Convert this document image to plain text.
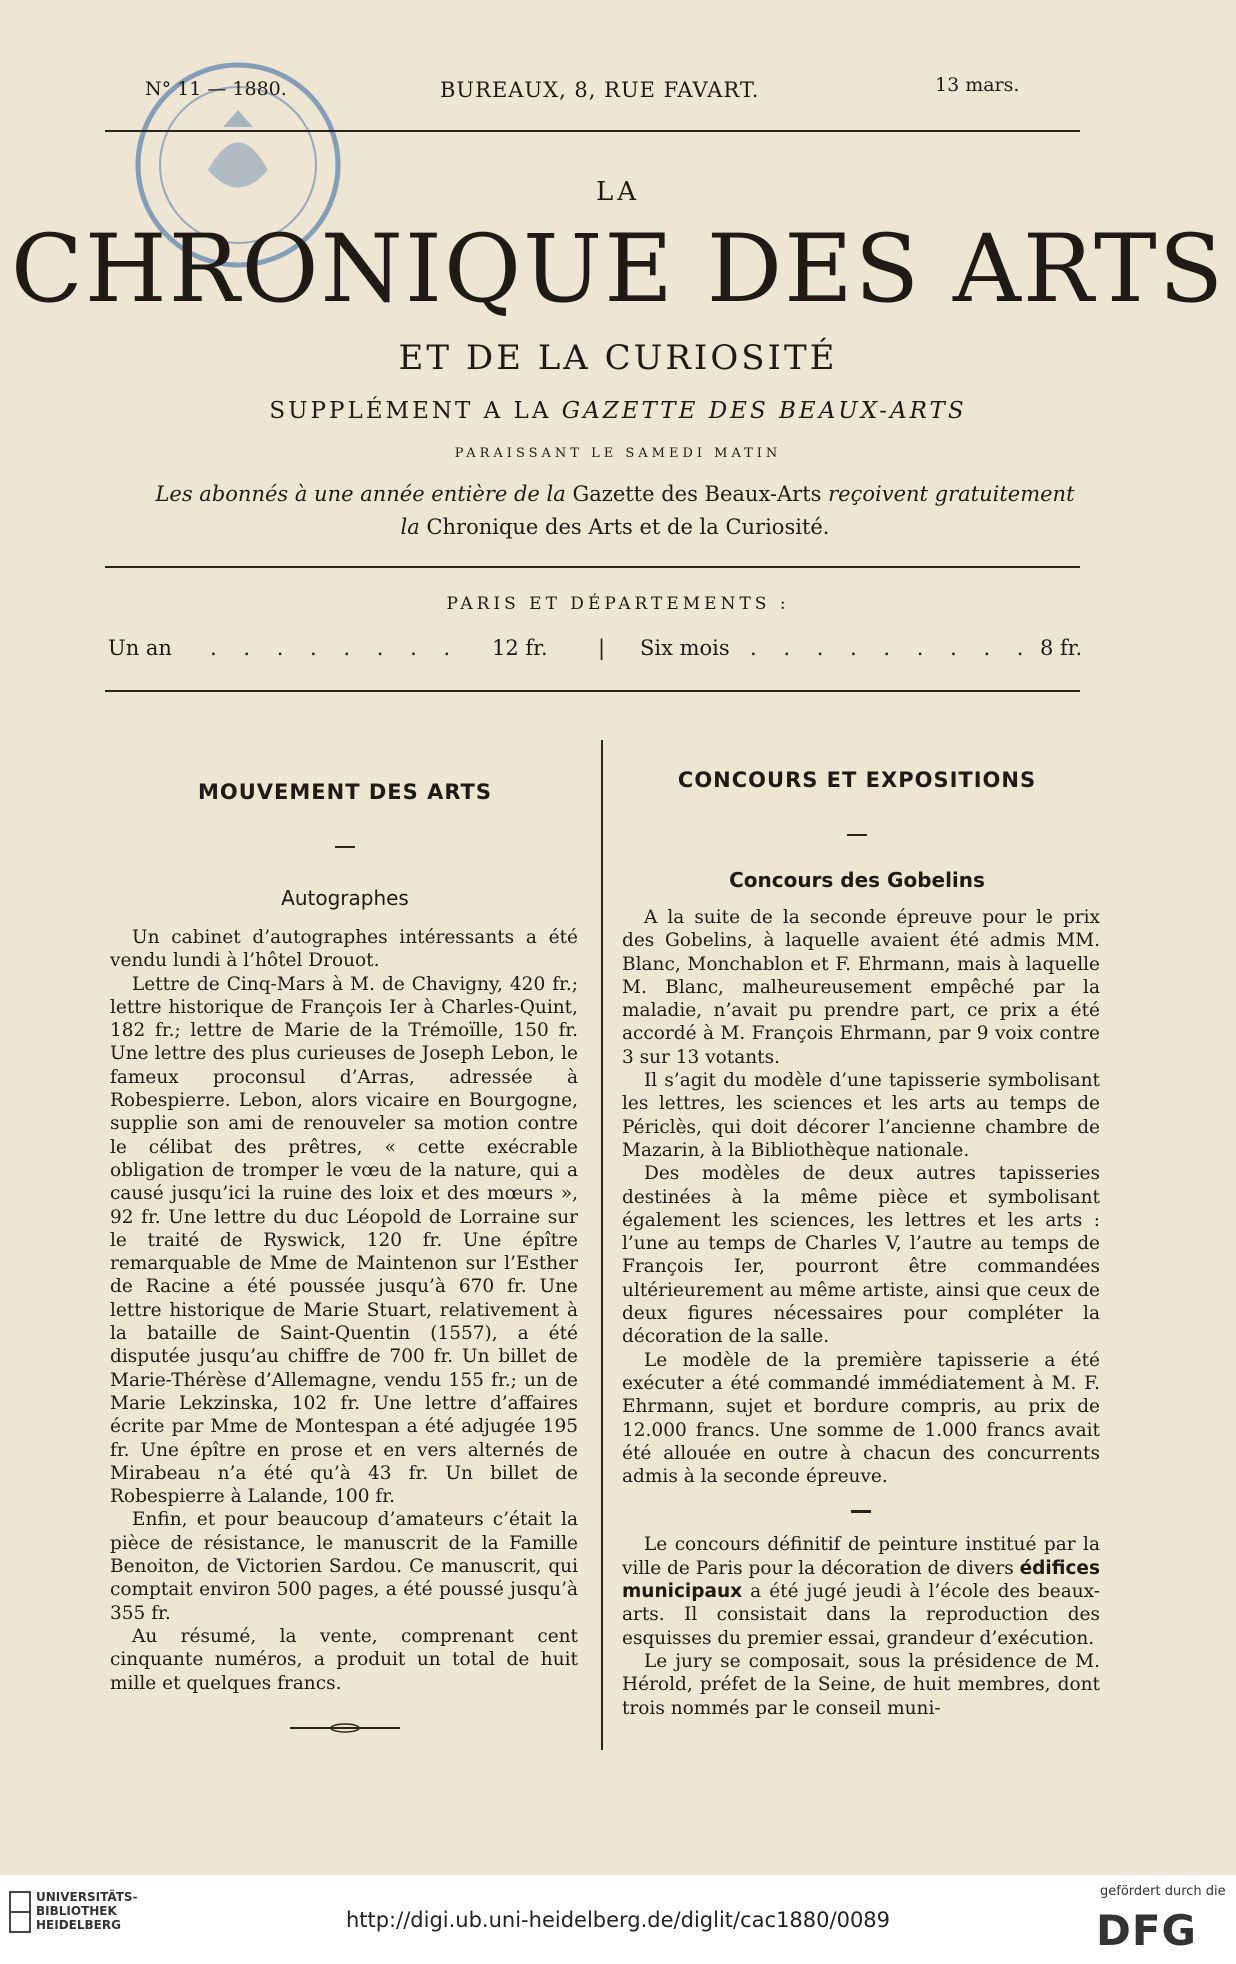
N° 11 — 1880.	BUREAUX, 8, RUE FAVART.	13 mars.
LA
CHRONIQUE DES ARTS
ET DE LA CURIOSITÉ
SUPPLÉMENT A LA GAZETTE DES BEAUX-ARTS
PARAISSANT LE SAMEDI MATIN
Les abonnés à une année entière de la Gazette des Beaux-Arts reçoivent gratuitement
la Chronique des Arts et de la Curiosité.
PARIS ET DÉPARTEMENTS :
Un an . . . . . . . . 12 fr. | Six mois . . . . . . . . . 8 fr.
MOUVEMENT DES ARTS
Autographes

Un cabinet d’autographes intéressants a été vendu lundi à l’hôtel Drouot.

Lettre de Cinq-Mars à M. de Chavigny, 420 fr.; lettre historique de François Ier à Charles-Quint, 182 fr.; lettre de Marie de la Trémoïlle, 150 fr. Une lettre des plus curieuses de Joseph Lebon, le fameux proconsul d’Arras, adressée à Robespierre. Lebon, alors vicaire en Bourgogne, supplie son ami de renouveler sa motion contre le célibat des prêtres, « cette exécrable obligation de tromper le vœu de la nature, qui a causé jusqu’ici la ruine des loix et des mœurs », 92 fr. Une lettre du duc Léopold de Lorraine sur le traité de Ryswick, 120 fr. Une épître remarquable de Mme de Maintenon sur l’Esther de Racine a été poussée jusqu’à 670 fr. Une lettre historique de Marie Stuart, relativement à la bataille de Saint-Quentin (1557), a été disputée jusqu’au chiffre de 700 fr. Un billet de Marie-Thérèse d’Allemagne, vendu 155 fr.; un de Marie Lekzinska, 102 fr. Une lettre d’affaires écrite par Mme de Montespan a été adjugée 195 fr. Une épître en prose et en vers alternés de Mirabeau n’a été qu’à 43 fr. Un billet de Robespierre à Lalande, 100 fr.

Enfin, et pour beaucoup d’amateurs c’était la pièce de résistance, le manuscrit de la Famille Benoiton, de Victorien Sardou. Ce manuscrit, qui comptait environ 500 pages, a été poussé jusqu’à 355 fr.

Au résumé, la vente, comprenant cent cinquante numéros, a produit un total de huit mille et quelques francs.

CONCOURS ET EXPOSITIONS
Concours des Gobelins

A la suite de la seconde épreuve pour le prix des Gobelins, à laquelle avaient été admis MM. Blanc, Monchablon et F. Ehrmann, mais à laquelle M. Blanc, malheureusement empêché par la maladie, n’avait pu prendre part, ce prix a été accordé à M. François Ehrmann, par 9 voix contre 3 sur 13 votants.

Il s’agit du modèle d’une tapisserie symbolisant les lettres, les sciences et les arts au temps de Périclès, qui doit décorer l’ancienne chambre de Mazarin, à la Bibliothèque nationale.

Des modèles de deux autres tapisseries destinées à la même pièce et symbolisant également les sciences, les lettres et les arts : l’une au temps de Charles V, l’autre au temps de François Ier, pourront être commandées ultérieurement au même artiste, ainsi que ceux de deux figures nécessaires pour compléter la décoration de la salle.

Le modèle de la première tapisserie a été exécuter a été commandé immédiatement à M. F. Ehrmann, sujet et bordure compris, au prix de 12.000 francs. Une somme de 1.000 francs avait été allouée en outre à chacun des concurrents admis à la seconde épreuve.

Le concours définitif de peinture institué par la ville de Paris pour la décoration de divers édifices municipaux a été jugé jeudi à l’école des beaux-arts. Il consistait dans la reproduction des esquisses du premier essai, grandeur d’exécution.

Le jury se composait, sous la présidence de M. Hérold, préfet de la Seine, de huit membres, dont trois nommés par le conseil muni-

UNIVERSITÄTS-
BIBLIOTHEK
HEIDELBERG	http://digi.ub.uni-heidelberg.de/diglit/cac1880/0089
gefördert durch die
DFG
